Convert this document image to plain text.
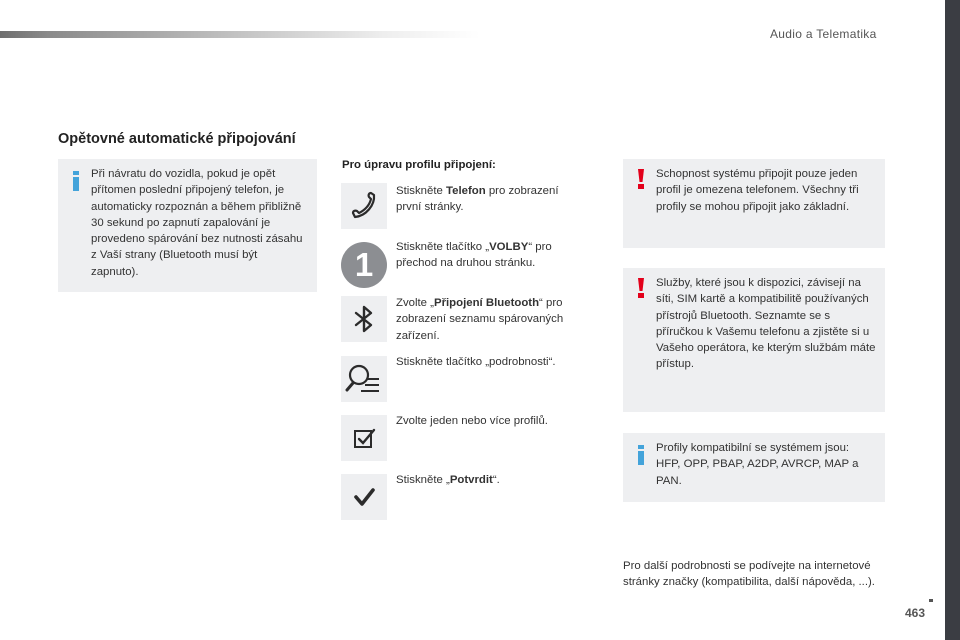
Audio a Telematika
Opětovné automatické připojování
Při návratu do vozidla, pokud je opět přítomen poslední připojený telefon, je automaticky rozpoznán a během přibližně 30 sekund po zapnutí zapalování je provedeno spárování bez nutnosti zásahu z Vaší strany (Bluetooth musí být zapnuto).
Pro úpravu profilu připojení:
Stiskněte Telefon pro zobrazení první stránky.
1	Stiskněte tlačítko „VOLBY“ pro přechod na druhou stránku.
Zvolte „Připojení Bluetooth“ pro zobrazení seznamu spárovaných zařízení.
Stiskněte tlačítko „podrobnosti“.
Zvolte jeden nebo více profilů.
Stiskněte „Potvrdit“.
Schopnost systému připojit pouze jeden profil je omezena telefonem. Všechny tři profily se mohou připojit jako základní.
Služby, které jsou k dispozici, závisejí na síti, SIM kartě a kompatibilitě používaných přístrojů Bluetooth. Seznamte se s příručkou k Vašemu telefonu a zjistěte si u Vašeho operátora, ke kterým službám máte přístup.
Profily kompatibilní se systémem jsou: HFP, OPP, PBAP, A2DP, AVRCP, MAP a PAN.
Pro další podrobnosti se podívejte na internetové stránky značky (kompatibilita, další nápověda, ...).
463
